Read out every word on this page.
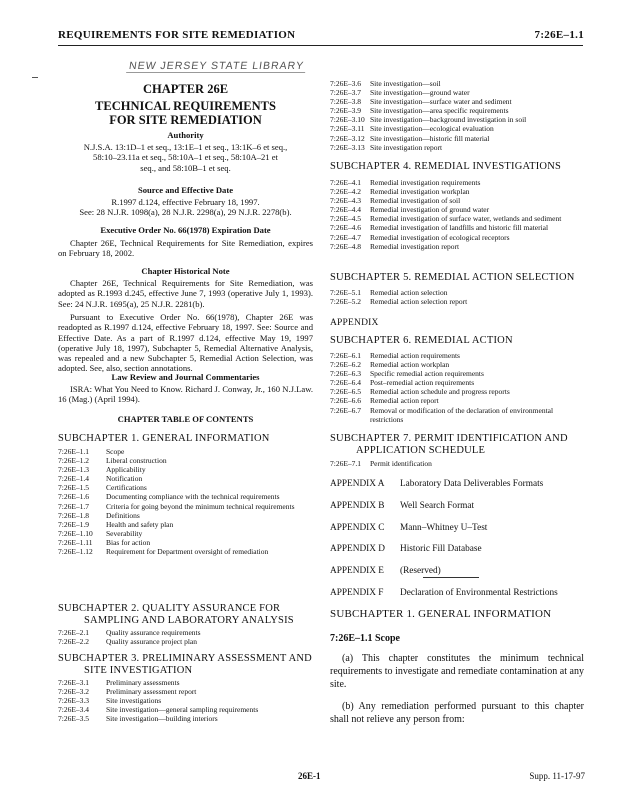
REQUIREMENTS FOR SITE REMEDIATION	7:26E–1.1
NEW JERSEY STATE LIBRARY
CHAPTER 26E
TECHNICAL REQUIREMENTS
FOR SITE REMEDIATION
Authority
N.J.S.A. 13:1D–1 et seq., 13:1E–1 et seq., 13:1K–6 et seq.,
58:10–23.11a et seq., 58:10A–1 et seq., 58:10A–21 et
seq., and 58:10B–1 et seq.
Source and Effective Date
R.1997 d.124, effective February 18, 1997.
See: 28 N.J.R. 1098(a), 28 N.J.R. 2298(a), 29 N.J.R. 2278(b).
Executive Order No. 66(1978) Expiration Date
Chapter 26E, Technical Requirements for Site Remediation, expires on February 18, 2002.
Chapter Historical Note
Chapter 26E, Technical Requirements for Site Remediation, was adopted as R.1993 d.245, effective June 7, 1993 (operative July 1, 1993). See: 24 N.J.R. 1695(a), 25 N.J.R. 2281(b).
Pursuant to Executive Order No. 66(1978), Chapter 26E was readopted as R.1997 d.124, effective February 18, 1997. See: Source and Effective Date. As a part of R.1997 d.124, effective May 19, 1997 (operative July 18, 1997), Subchapter 5, Remedial Alternative Analysis, was repealed and a new Subchapter 5, Remedial Action Selection, was adopted. See, also, section annotations.
Law Review and Journal Commentaries
ISRA: What You Need to Know. Richard J. Conway, Jr., 160 N.J.Law. 16 (Mag.) (April 1994).
CHAPTER TABLE OF CONTENTS
SUBCHAPTER 1. GENERAL INFORMATION
7:26E–1.1	Scope
7:26E–1.2	Liberal construction
7:26E–1.3	Applicability
7:26E–1.4	Notification
7:26E–1.5	Certifications
7:26E–1.6	Documenting compliance with the technical requirements
7:26E–1.7	Criteria for going beyond the minimum technical requirements
7:26E–1.8	Definitions
7:26E–1.9	Health and safety plan
7:26E–1.10	Severability
7:26E–1.11	Bias for action
7:26E–1.12	Requirement for Department oversight of remediation
SUBCHAPTER 2. QUALITY ASSURANCE FOR
SAMPLING AND LABORATORY ANALYSIS
7:26E–2.1	Quality assurance requirements
7:26E–2.2	Quality assurance project plan
SUBCHAPTER 3. PRELIMINARY ASSESSMENT AND
SITE INVESTIGATION
7:26E–3.1	Preliminary assessments
7:26E–3.2	Preliminary assessment report
7:26E–3.3	Site investigations
7:26E–3.4	Site investigation—general sampling requirements
7:26E–3.5	Site investigation—building interiors
7:26E–3.6	Site investigation—soil
7:26E–3.7	Site investigation—ground water
7:26E–3.8	Site investigation—surface water and sediment
7:26E–3.9	Site investigation—area specific requirements
7:26E–3.10 Site investigation—background investigation in soil
7:26E–3.11 Site investigation—ecological evaluation
7:26E–3.12 Site investigation—historic fill material
7:26E–3.13 Site investigation report
SUBCHAPTER 4. REMEDIAL INVESTIGATIONS
7:26E–4.1	Remedial investigation requirements
7:26E–4.2	Remedial investigation workplan
7:26E–4.3	Remedial investigation of soil
7:26E–4.4	Remedial investigation of ground water
7:26E–4.5	Remedial investigation of surface water, wetlands and sediment
7:26E–4.6	Remedial investigation of landfills and historic fill material
7:26E–4.7	Remedial investigation of ecological receptors
7:26E–4.8	Remedial investigation report
SUBCHAPTER 5. REMEDIAL ACTION SELECTION
7:26E–5.1	Remedial action selection
7:26E–5.2	Remedial action selection report
APPENDIX
SUBCHAPTER 6. REMEDIAL ACTION
7:26E–6.1	Remedial action requirements
7:26E–6.2	Remedial action workplan
7:26E–6.3	Specific remedial action requirements
7:26E–6.4	Post–remedial action requirements
7:26E–6.5	Remedial action schedule and progress reports
7:26E–6.6	Remedial action report
7:26E–6.7	Removal or modification of the declaration of environmental restrictions
SUBCHAPTER 7. PERMIT IDENTIFICATION AND
APPLICATION SCHEDULE
7:26E–7.1	Permit identification
APPENDIX A	Laboratory Data Deliverables Formats
APPENDIX B	Well Search Format
APPENDIX C	Mann–Whitney U–Test
APPENDIX D	Historic Fill Database
APPENDIX E	(Reserved)
APPENDIX F	Declaration of Environmental Restrictions
SUBCHAPTER 1. GENERAL INFORMATION
7:26E–1.1 Scope
(a) This chapter constitutes the minimum technical requirements to investigate and remediate contamination at any site.
(b) Any remediation performed pursuant to this chapter shall not relieve any person from:
26E-1	Supp. 11-17-97
